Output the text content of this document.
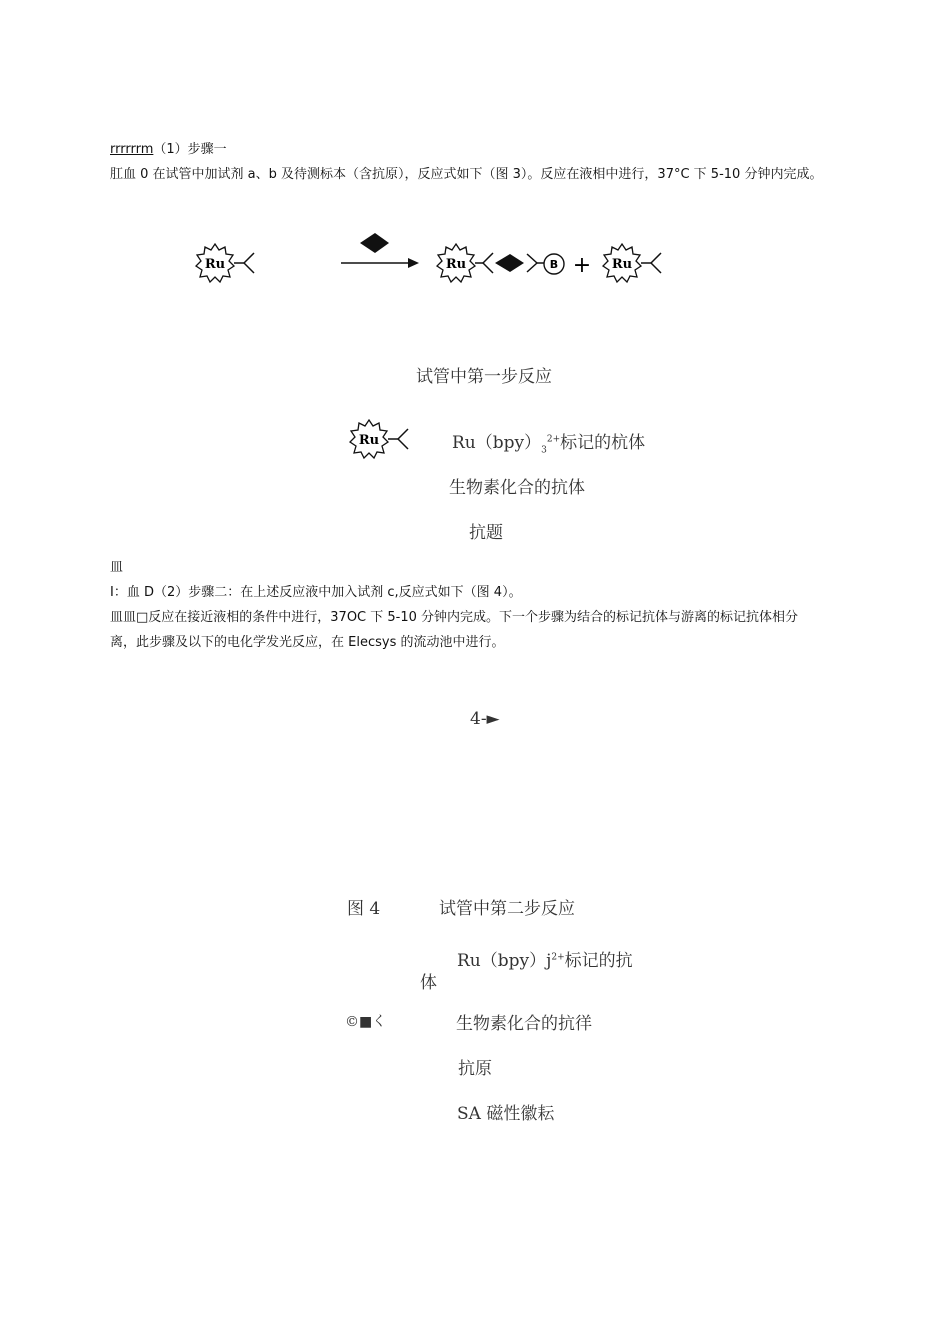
rrrrrrm（1）步骤一
肛血 0 在试管中加试剂 a、b 及待测标本（含抗原），反应式如下（图 3）。反应在液相中进行，37°C 下 5-10 分钟内完成。
Ru	Ru	B + Ru
试管中第一步反应
Ru	$Ru(bpy)_3^{2+}$标记的杭体
生物素化合的抗体
抗题
皿
I：血 D（2）步骤二：在上述反应液中加入试剂 c,反应式如下（图 4）。
皿皿□反应在接近液相的条件中进行，37OC 下 5-10 分钟内完成。下一个步骤为结合的标记抗体与游离的标记抗体相分
离，此步骤及以下的电化学发光反应，在 Elecsys 的流动池中进行。
4-►
图 4	试管中第二步反应
$Ru(bpy)j^{2+}$标记的抗
体
©■く	生物素化合的抗徉
抗原
SA 磁性徽耘
